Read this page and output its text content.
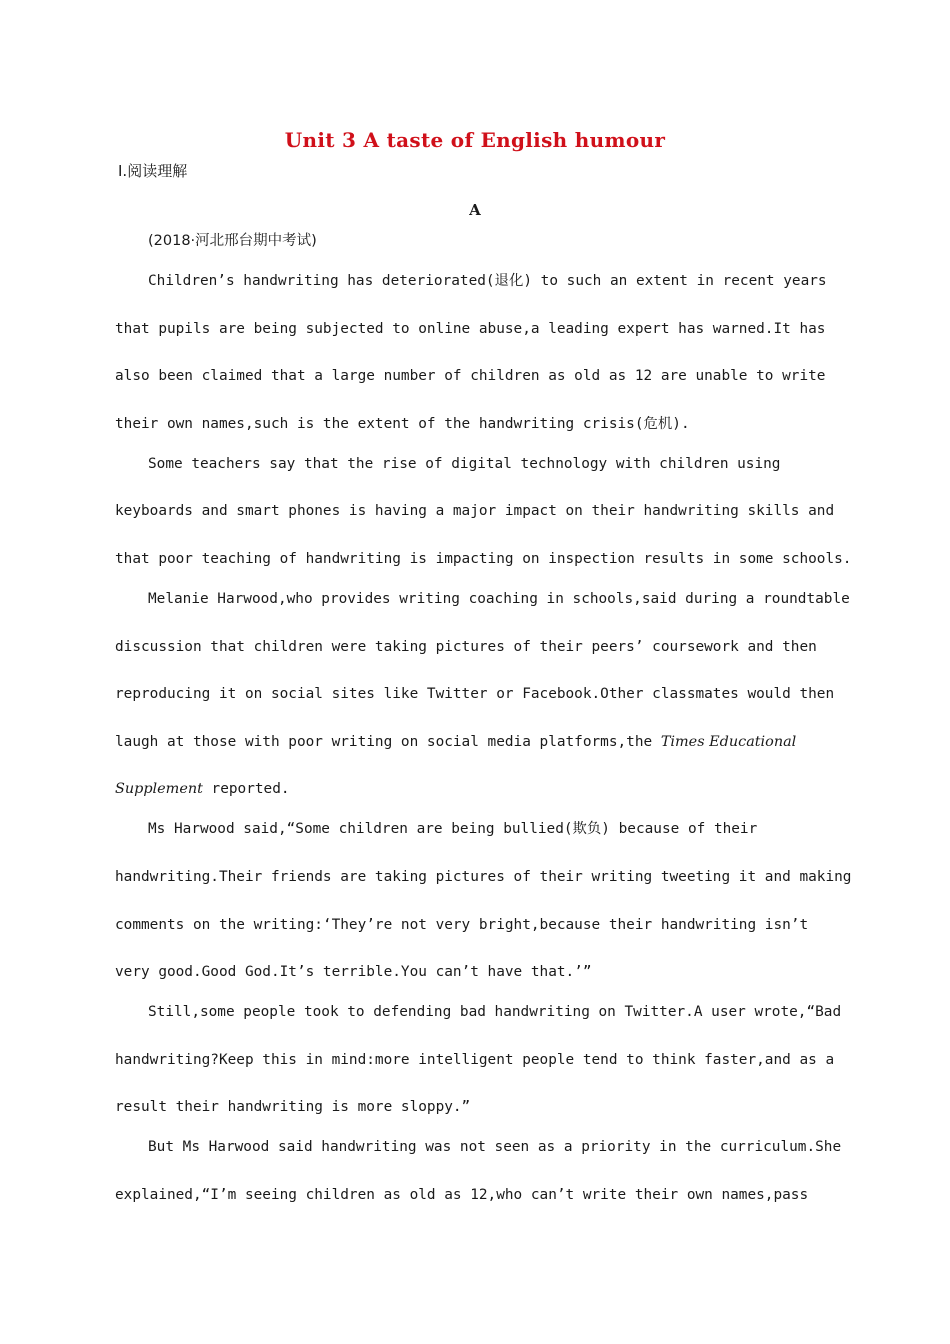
Unit 3 A taste of English humour
Ⅰ.阅读理解
A
(2018·河北邢台期中考试)
Children’s handwriting has deteriorated(退化) to such an extent in recent years
that pupils are being subjected to online abuse,a leading expert has warned.It has
also been claimed that a large number of children as old as 12 are unable to write
their own names,such is the extent of the handwriting crisis(危机).
Some teachers say that the rise of digital technology with children using
keyboards and smart phones is having a major impact on their handwriting skills and
that poor teaching of handwriting is impacting on inspection results in some schools.
Melanie Harwood,who provides writing coaching in schools,said during a roundtable
discussion that children were taking pictures of their peers’ coursework and then
reproducing it on social sites like Twitter or Facebook.Other classmates would then
laugh at those with poor writing on social media platforms,the Times Educational
Supplement reported.
Ms Harwood said,“Some children are being bullied(欺负) because of their
handwriting.Their friends are taking pictures of their writing tweeting it and making
comments on the writing:‘They’re not very bright,because their handwriting isn’t
very good.Good God.It’s terrible.You can’t have that.’”
Still,some people took to defending bad handwriting on Twitter.A user wrote,“Bad
handwriting?Keep this in mind:more intelligent people tend to think faster,and as a
result their handwriting is more sloppy.”
But Ms Harwood said handwriting was not seen as a priority in the curriculum.She
explained,“I’m seeing children as old as 12,who can’t write their own names,pass
